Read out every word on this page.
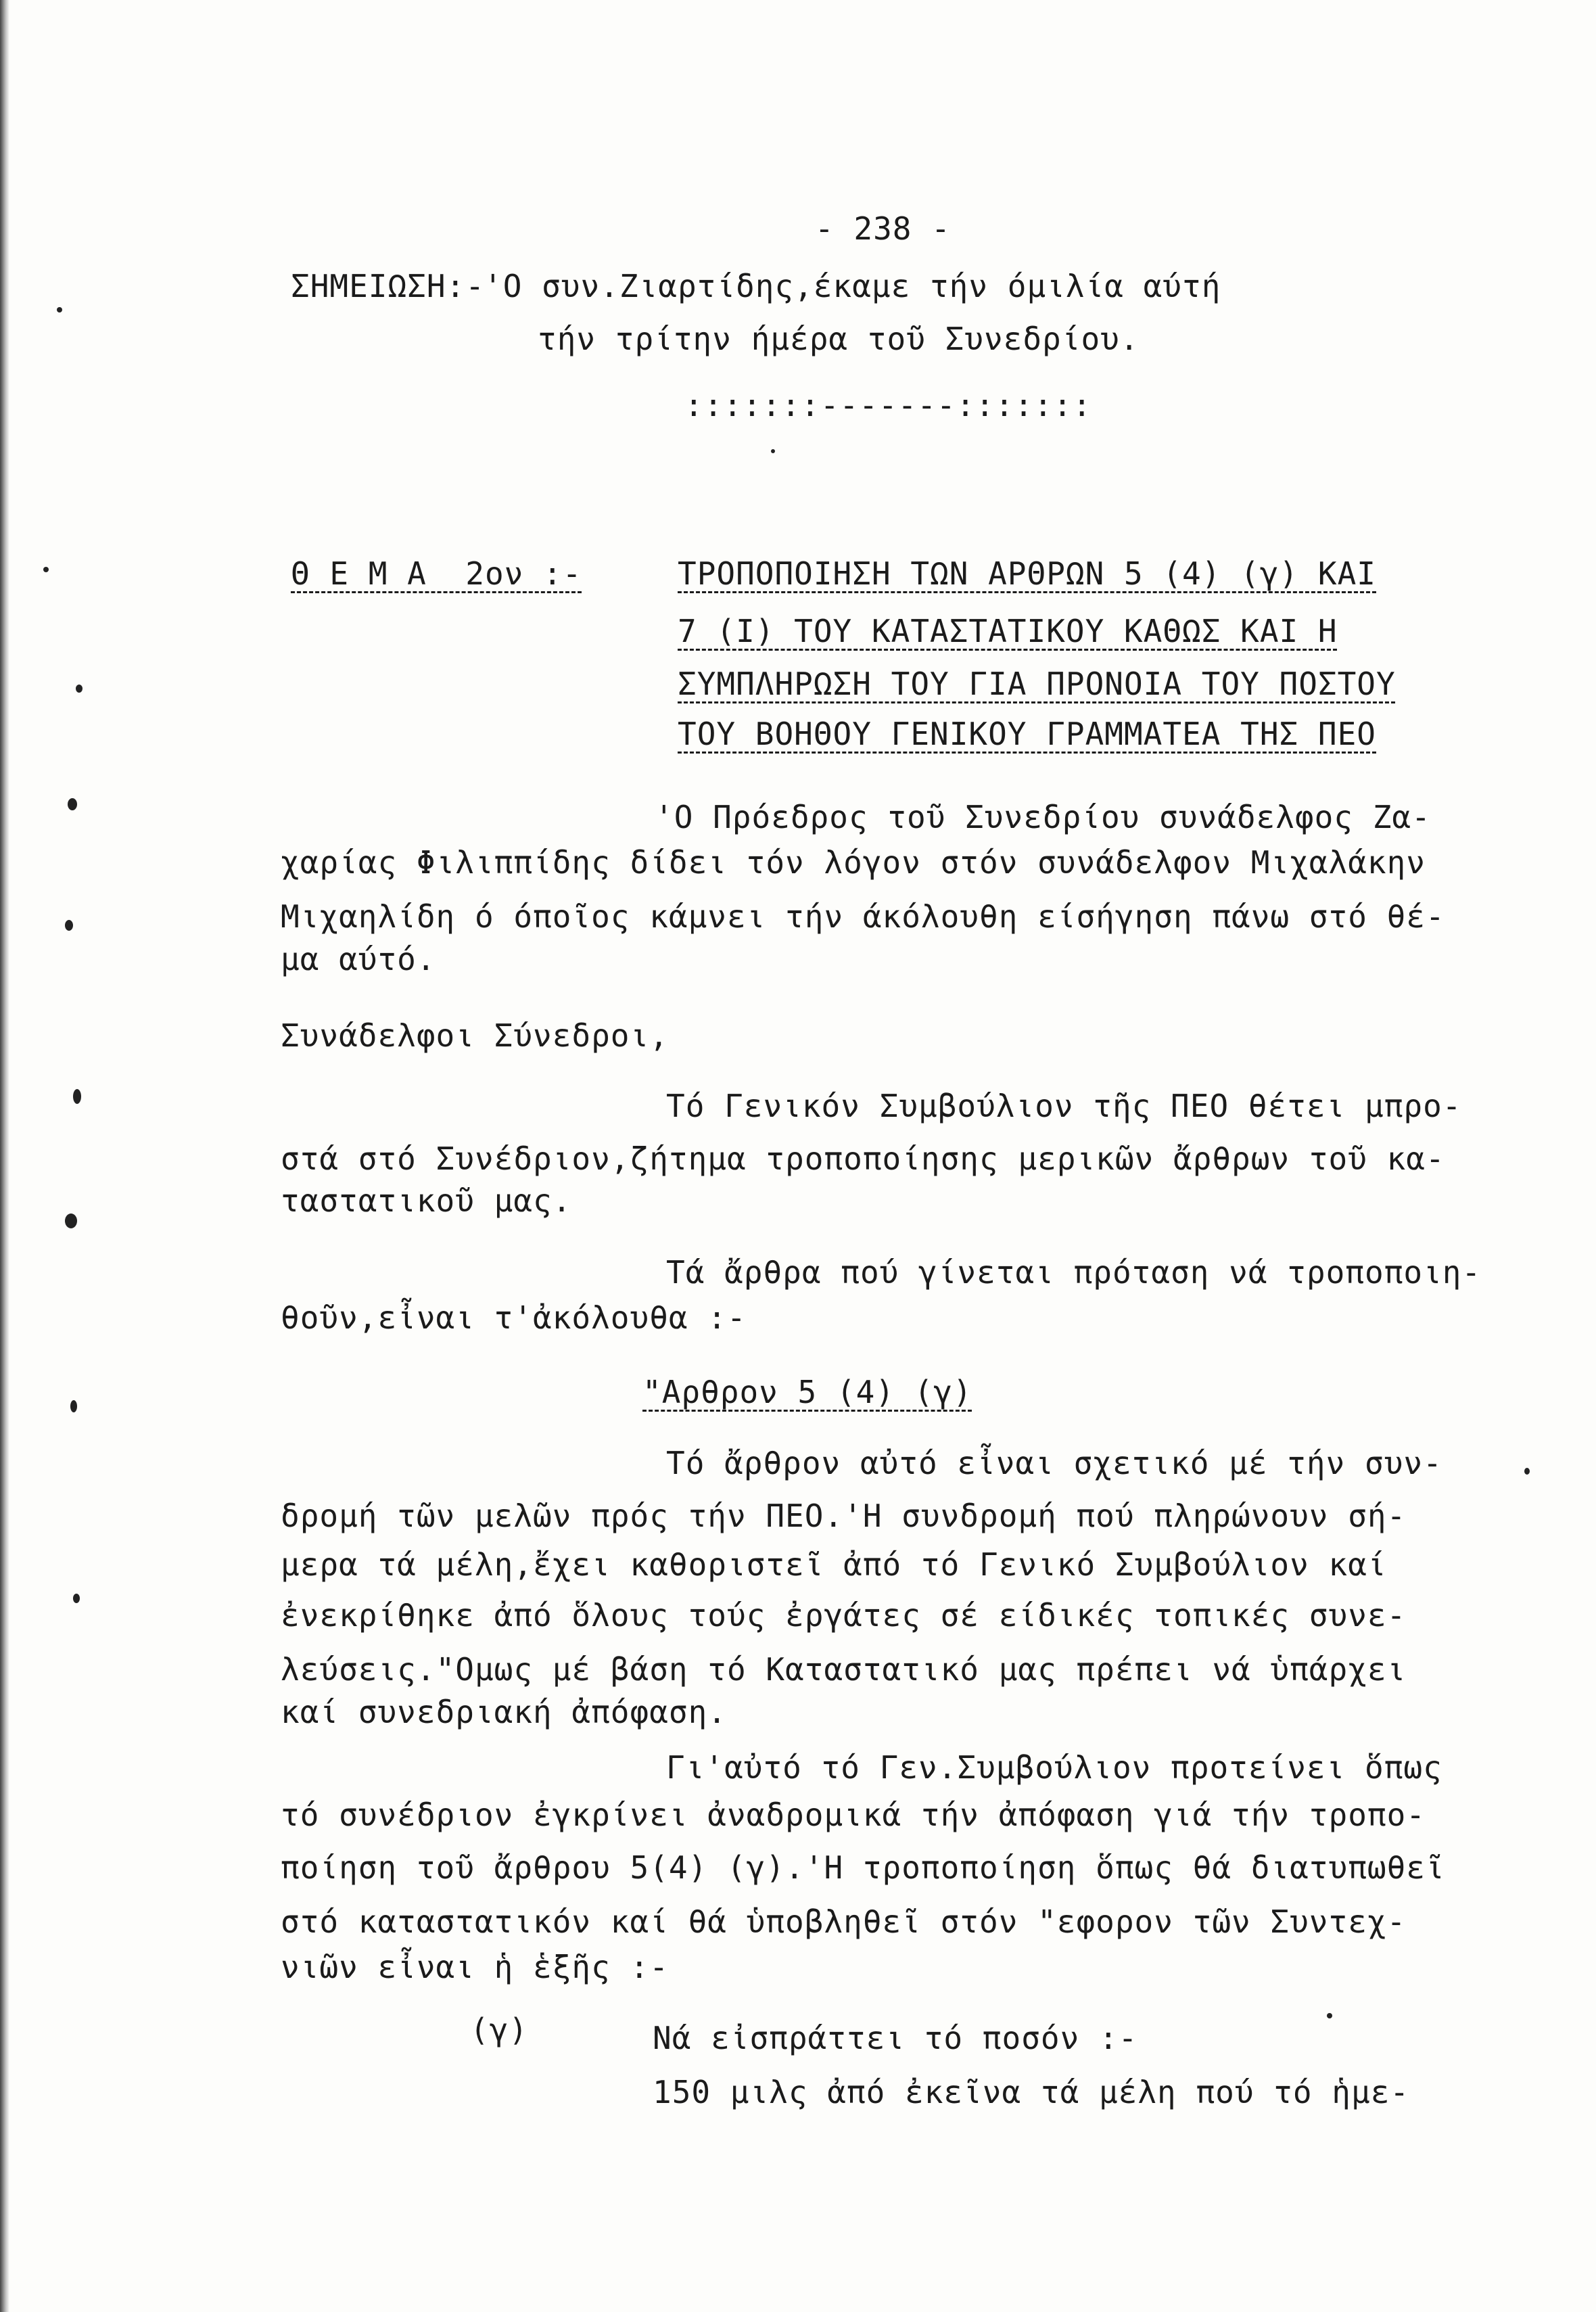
- 238 -
ΣΗΜΕΙΩΣΗ:-
'Ο συν.Ζιαρτίδης,έκαμε τήν όμιλία αύτή
τήν τρίτην ήμέρα τοῦ Συνεδρίου.
:::::::-------:::::::
Θ Ε Μ Α  2ον :-	ΤΡΟΠΟΠΟΙΗΣΗ ΤΩΝ ΑΡΘΡΩΝ 5 (4) (γ) ΚΑΙ
7 (Ι) ΤΟΥ ΚΑΤΑΣΤΑΤΙΚΟΥ ΚΑΘΩΣ ΚΑΙ Η
ΣΥΜΠΛΗΡΩΣΗ ΤΟΥ ΓΙΑ ΠΡΟΝΟΙΑ ΤΟΥ ΠΟΣΤΟΥ
ΤΟΥ ΒΟΗΘΟΥ ΓΕΝΙΚΟΥ ΓΡΑΜΜΑΤΕΑ ΤΗΣ ΠΕΟ
'Ο Πρόεδρος τοῦ Συνεδρίου συνάδελφος Ζα-
χαρίας Φιλιππίδης δίδει τόν λόγον στόν συνάδελφον Μιχαλάκην
Μιχαηλίδη ό όποῖος κάμνει τήν άκόλουθη είσήγηση πάνω στό θέ-
μα αύτό.
Συνάδελφοι Σύνεδροι,
Τό Γενικόν Συμβούλιον τῆς ΠΕΟ θέτει μπρο-
στά στό Συνέδριον,ζήτημα τροποποίησης μερικῶν ἄρθρων τοῦ κα-
ταστατικοῦ μας.
Τά ἄρθρα πού γίνεται πρόταση νά τροποποιη-
θοῦν,εἶναι τ'ἀκόλουθα :-
"Αρθρον 5 (4) (γ)
Τό ἄρθρον αὐτό εἶναι σχετικό μέ τήν συν-
δρομή τῶν μελῶν πρός τήν ΠΕΟ.'Η συνδρομή πού πληρώνουν σή-
μερα τά μέλη,ἔχει καθοριστεῖ ἀπό τό Γενικό Συμβούλιον καί
ἐνεκρίθηκε ἀπό ὅλους τούς ἐργάτες σέ είδικές τοπικές συνε-
λεύσεις."Ομως μέ βάση τό Καταστατικό μας πρέπει νά ὑπάρχει
καί συνεδριακή ἀπόφαση.
Γι'αὐτό τό Γεν.Συμβούλιον προτείνει ὅπως
τό συνέδριον ἐγκρίνει ἀναδρομικά τήν ἀπόφαση γιά τήν τροπο-
ποίηση τοῦ ἄρθρου 5(4) (γ).'Η τροποποίηση ὅπως θά διατυπωθεῖ
στό καταστατικόν καί θά ὑποβληθεῖ στόν "εφορον τῶν Συντεχ-
νιῶν εἶναι ἡ ἑξῆς :-
(γ)	Νά εἰσπράττει τό ποσόν :-
150 μιλς ἀπό ἐκεῖνα τά μέλη πού τό ἡμε-
